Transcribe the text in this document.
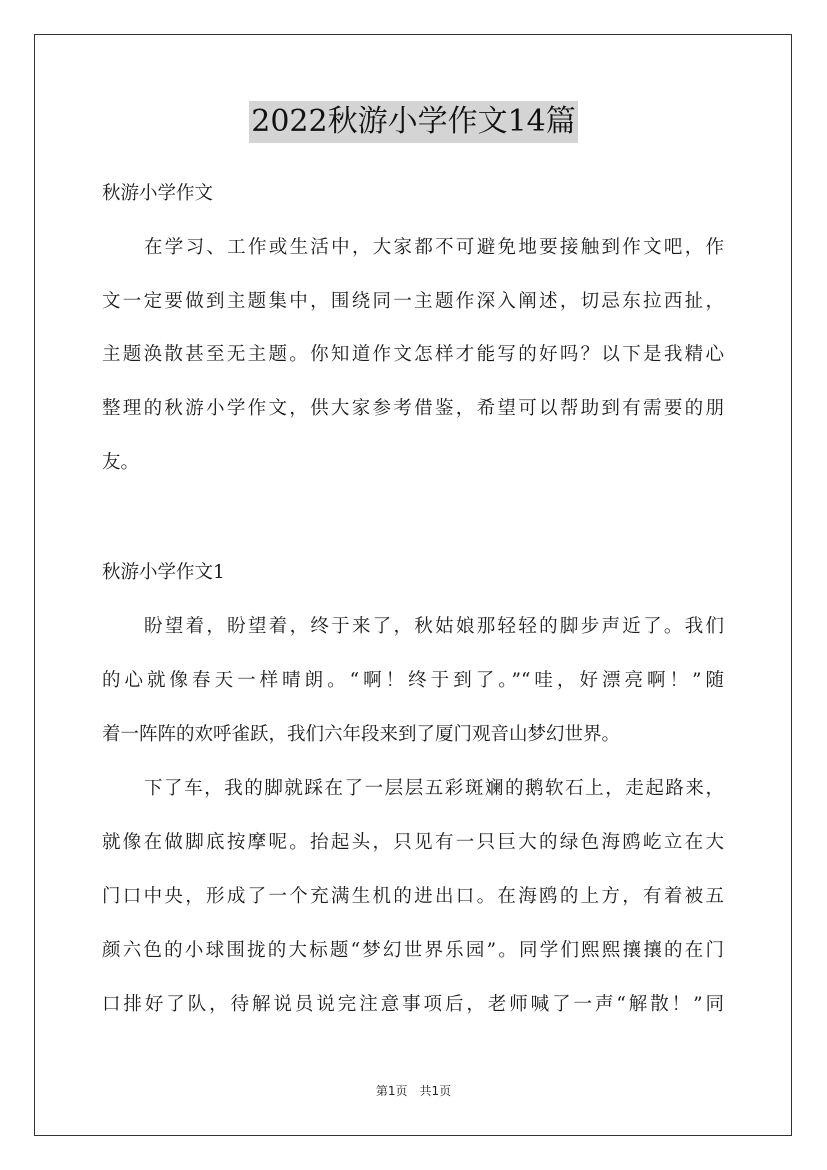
2022秋游小学作文14篇
秋游小学作文
在学习、工作或生活中，大家都不可避免地要接触到作文吧，作
文一定要做到主题集中，围绕同一主题作深入阐述，切忌东拉西扯，
主题涣散甚至无主题。你知道作文怎样才能写的好吗？以下是我精心
整理的秋游小学作文，供大家参考借鉴，希望可以帮助到有需要的朋
友。
秋游小学作文1
盼望着，盼望着，终于来了，秋姑娘那轻轻的脚步声近了。我们
的心就像春天一样晴朗。“啊！终于到了。”“哇，好漂亮啊！”随
着一阵阵的欢呼雀跃，我们六年段来到了厦门观音山梦幻世界。
下了车，我的脚就踩在了一层层五彩斑斓的鹅软石上，走起路来，
就像在做脚底按摩呢。抬起头，只见有一只巨大的绿色海鸥屹立在大
门口中央，形成了一个充满生机的进出口。在海鸥的上方，有着被五
颜六色的小球围拢的大标题“梦幻世界乐园”。同学们熙熙攘攘的在门
口排好了队，待解说员说完注意事项后，老师喊了一声“解散！”同
第1页　共1页
